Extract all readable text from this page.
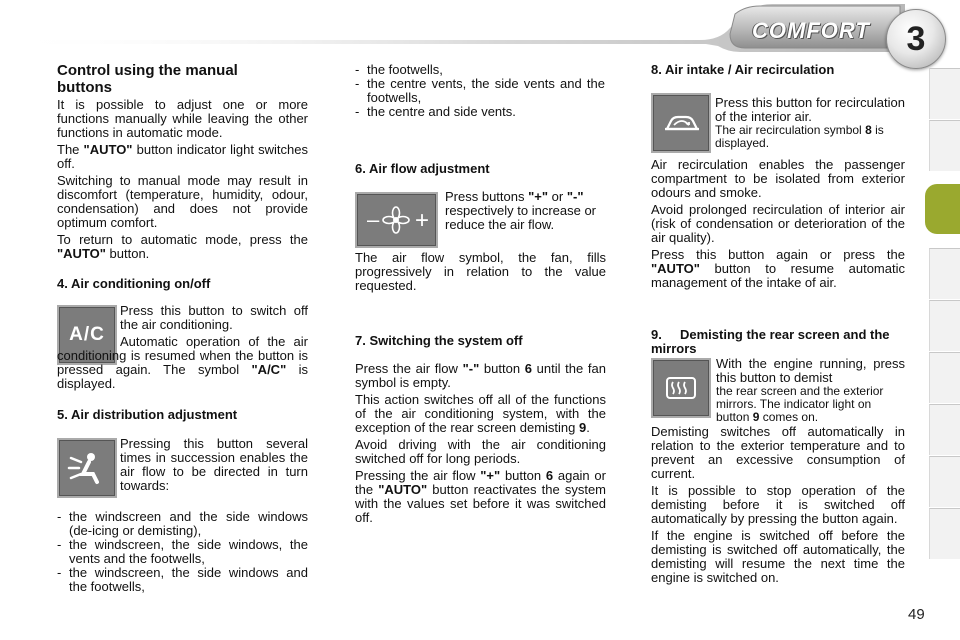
COMFORT	3
Control using the manual buttons

It is possible to adjust one or more functions manually while leaving the other functions in automatic mode.

The "AUTO" button indicator light switches off.

Switching to manual mode may result in discomfort (temperature, humidity, odour, condensation) and does not provide optimum comfort.

To return to automatic mode, press the "AUTO" button.

4. Air conditioning on/off
A/C

Press this button to switch off the air conditioning.

Automatic operation of the air conditioning is resumed when the button is pressed again. The symbol "A/C" is displayed.

5. Air distribution adjustment

Pressing this button several times in succession enables the air flow to be directed in turn towards:

- the windscreen and the side windows (de-icing or demisting),
- the windscreen, the side windows, the vents and the footwells,
- the windscreen, the side windows and the footwells,
- the footwells,
- the centre vents, the side vents and the footwells,
- the centre and side vents.
6. Air flow adjustment
– +

Press buttons "+" or "-" respectively to increase or reduce the air flow.

The air flow symbol, the fan, fills progressively in relation to the value requested.

7. Switching the system off

Press the air flow "-" button 6 until the fan symbol is empty.

This action switches off all of the functions of the air conditioning system, with the exception of the rear screen demisting 9.

Avoid driving with the air conditioning switched off for long periods.

Pressing the air flow "+" button 6 again or the "AUTO" button reactivates the system with the values set before it was switched off.

8. Air intake / Air recirculation

Press this button for recirculation of the interior air.

The air recirculation symbol 8 is displayed.

Air recirculation enables the passenger compartment to be isolated from exterior odours and smoke.

Avoid prolonged recirculation of interior air (risk of condensation or deterioration of the air quality).

Press this button again or press the "AUTO" button to resume automatic management of the intake of air.

9. Demisting the rear screen and the mirrors

With the engine running, press this button to demist

the rear screen and the exterior mirrors. The indicator light on button 9 comes on.

Demisting switches off automatically in relation to the exterior temperature and to prevent an excessive consumption of current.

It is possible to stop operation of the demisting before it is switched off automatically by pressing the button again.

If the engine is switched off before the demisting is switched off automatically, the demisting will resume the next time the engine is switched on.

49
